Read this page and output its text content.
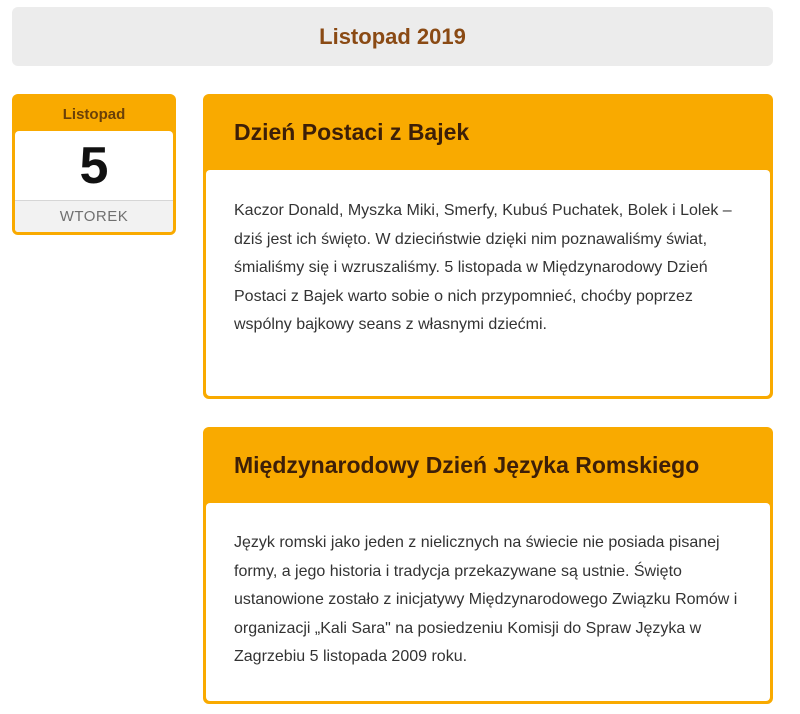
Listopad 2019
Listopad
5
WTOREK
Dzień Postaci z Bajek
Kaczor Donald, Myszka Miki, Smerfy, Kubuś Puchatek, Bolek i Lolek – dziś jest ich święto. W dzieciństwie dzięki nim poznawaliśmy świat, śmialiśmy się i wzruszaliśmy. 5 listopada w Międzynarodowy Dzień Postaci z Bajek warto sobie o nich przypomnieć, choćby poprzez wspólny bajkowy seans z własnymi dziećmi.
Międzynarodowy Dzień Języka Romskiego
Język romski jako jeden z nielicznych na świecie nie posiada pisanej formy, a jego historia i tradycja przekazywane są ustnie. Święto ustanowione zostało z inicjatywy Międzynarodowego Związku Romów i organizacji „Kali Sara" na posiedzeniu Komisji do Spraw Języka w Zagrzebiu 5 listopada 2009 roku.
